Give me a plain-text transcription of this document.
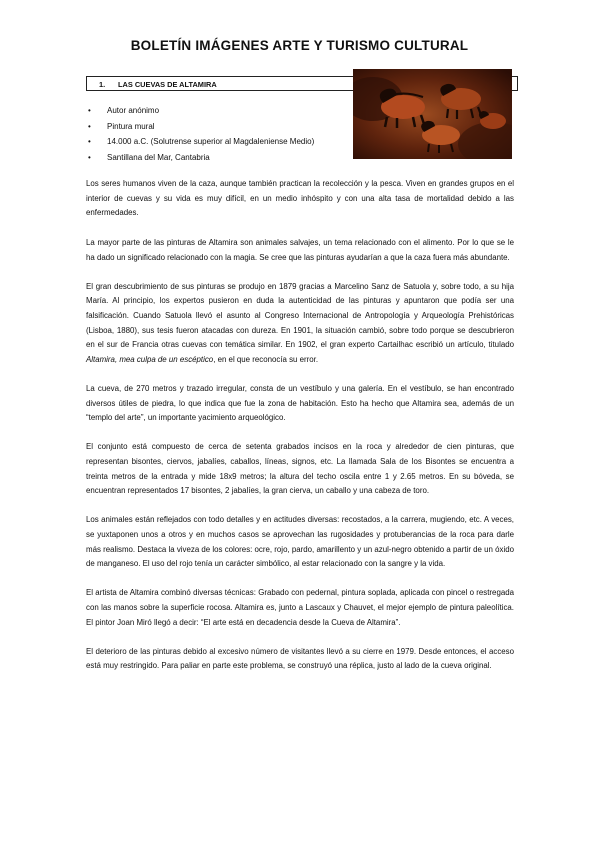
BOLETÍN IMÁGENES ARTE Y TURISMO CULTURAL
1. LAS CUEVAS DE ALTAMIRA
• Autor anónimo
• Pintura mural
• 14.000 a.C. (Solutrense superior al Magdaleniense Medio)
• Santillana del Mar, Cantabria

Los seres humanos viven de la caza, aunque también practican la recolección y la pesca. Viven en grandes grupos en el interior de cuevas y su vida es muy difícil, en un medio inhóspito y con una alta tasa de mortalidad debido a las enfermedades.

La mayor parte de las pinturas de Altamira son animales salvajes, un tema relacionado con el alimento. Por lo que se le ha dado un significado relacionado con la magia. Se cree que las pinturas ayudarían a que la caza fuera más abundante.

El gran descubrimiento de sus pinturas se produjo en 1879 gracias a Marcelino Sanz de Satuola y, sobre todo, a su hija María. Al principio, los expertos pusieron en duda la autenticidad de las pinturas y apuntaron que podía ser una falsificación. Cuando Satuola llevó el asunto al Congreso Internacional de Antropología y Arqueología Prehistóricas (Lisboa, 1880), sus tesis fueron atacadas con dureza. En 1901, la situación cambió, sobre todo porque se descubrieron en el sur de Francia otras cuevas con temática similar. En 1902, el gran experto Cartailhac escribió un artículo, titulado Altamira, mea culpa de un escéptico, en el que reconocía su error.

La cueva, de 270 metros y trazado irregular, consta de un vestíbulo y una galería. En el vestíbulo, se han encontrado diversos útiles de piedra, lo que indica que fue la zona de habitación. Esto ha hecho que Altamira sea, además de un “templo del arte”, un importante yacimiento arqueológico.

El conjunto está compuesto de cerca de setenta grabados incisos en la roca y alrededor de cien pinturas, que representan bisontes, ciervos, jabalíes, caballos, líneas, signos, etc. La llamada Sala de los Bisontes se encuentra a treinta metros de la entrada y mide 18x9 metros; la altura del techo oscila entre 1 y 2.65 metros. En su bóveda, se encuentran representados 17 bisontes, 2 jabalíes, la gran cierva, un caballo y una cabeza de toro.

Los animales están reflejados con todo detalles y en actitudes diversas: recostados, a la carrera, mugiendo, etc. A veces, se yuxtaponen unos a otros y en muchos casos se aprovechan las rugosidades y protuberancias de la roca para darle más realismo. Destaca la viveza de los colores: ocre, rojo, pardo, amarillento y un azul-negro obtenido a partir de un óxido de manganeso. El uso del rojo tenía un carácter simbólico, al estar relacionado con la sangre y la vida.

El artista de Altamira combinó diversas técnicas: Grabado con pedernal, pintura soplada, aplicada con pincel o restregada con las manos sobre la superficie rocosa. Altamira es, junto a Lascaux y Chauvet, el mejor ejemplo de pintura paleolítica. El pintor Joan Miró llegó a decir: “El arte está en decadencia desde la Cueva de Altamira”.

El deterioro de las pinturas debido al excesivo número de visitantes llevó a su cierre en 1979. Desde entonces, el acceso está muy restringido. Para paliar en parte este problema, se construyó una réplica, justo al lado de la cueva original.
